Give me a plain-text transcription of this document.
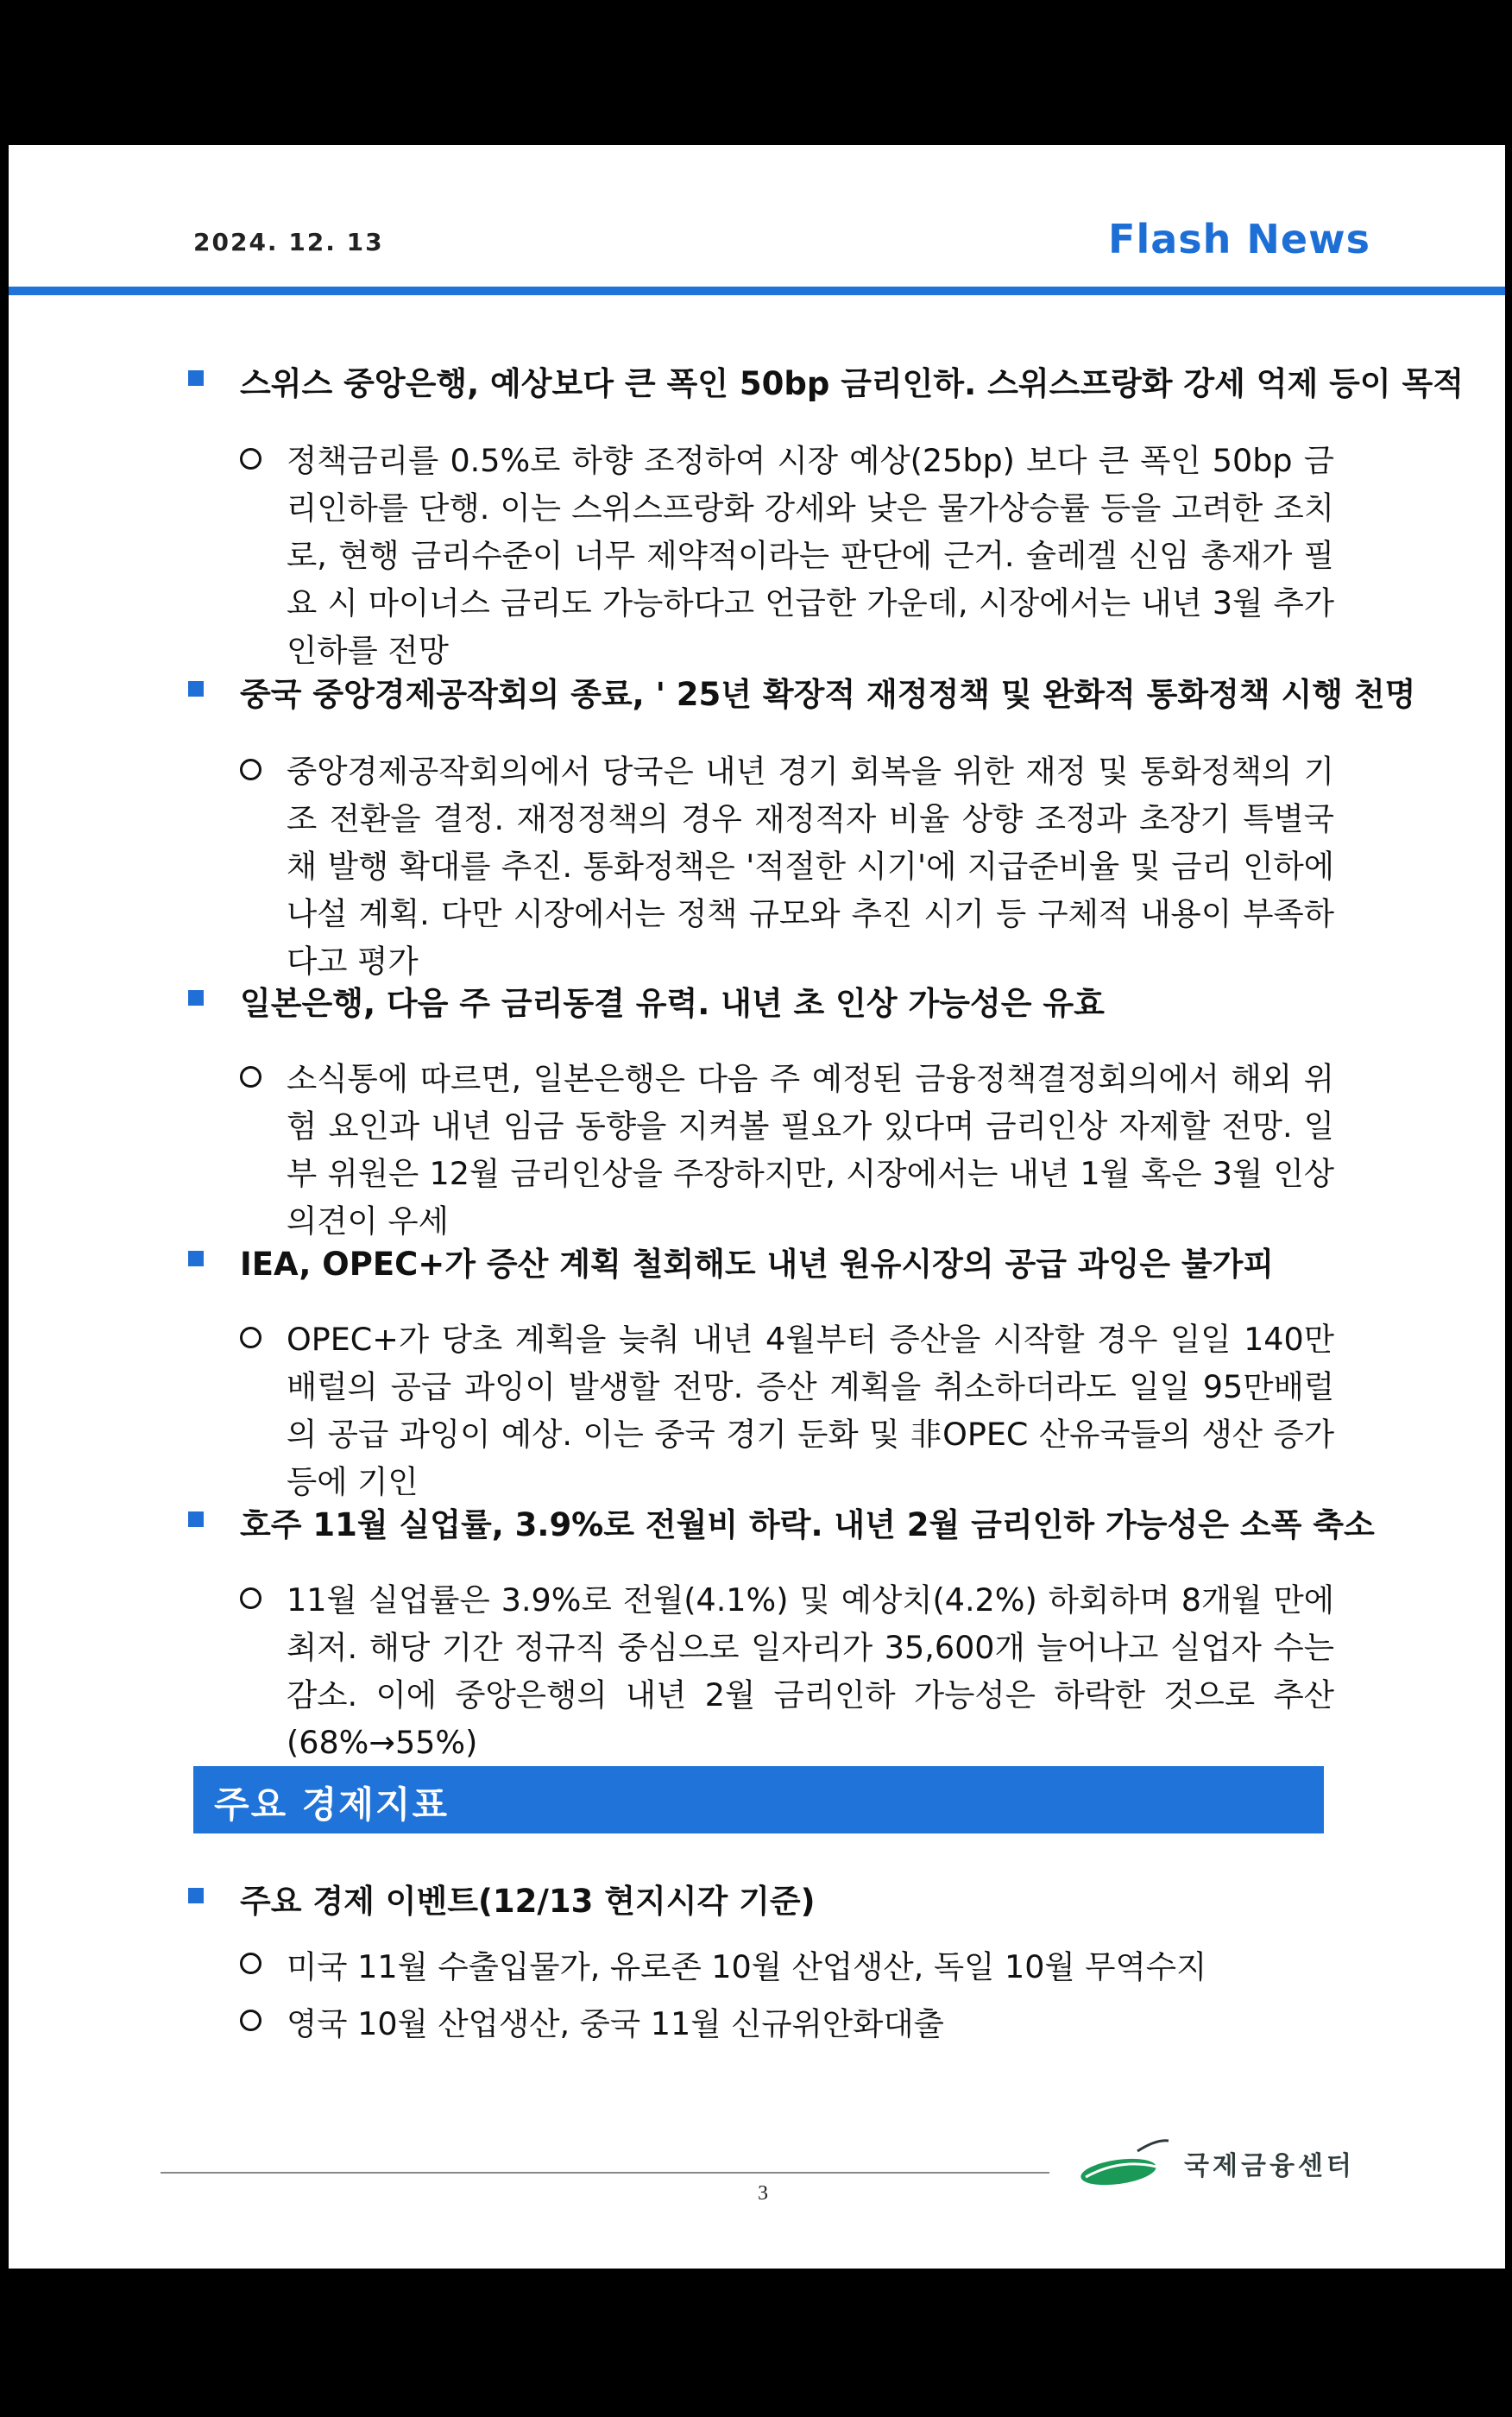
2024. 12. 13	Flash News
스위스 중앙은행, 예상보다 큰 폭인 50bp 금리인하. 스위스프랑화 강세 억제 등이 목적
정책금리를 0.5%로 하향 조정하여 시장 예상(25bp) 보다 큰 폭인 50bp 금리인하를 단행. 이는 스위스프랑화 강세와 낮은 물가상승률 등을 고려한 조치로, 현행 금리수준이 너무 제약적이라는 판단에 근거. 슐레겔 신임 총재가 필요 시 마이너스 금리도 가능하다고 언급한 가운데, 시장에서는 내년 3월 추가 인하를 전망
중국 중앙경제공작회의 종료, ' 25년 확장적 재정정책 및 완화적 통화정책 시행 천명
중앙경제공작회의에서 당국은 내년 경기 회복을 위한 재정 및 통화정책의 기조 전환을 결정. 재정정책의 경우 재정적자 비율 상향 조정과 초장기 특별국채 발행 확대를 추진. 통화정책은 '적절한 시기'에 지급준비율 및 금리 인하에 나설 계획. 다만 시장에서는 정책 규모와 추진 시기 등 구체적 내용이 부족하다고 평가
일본은행, 다음 주 금리동결 유력. 내년 초 인상 가능성은 유효
소식통에 따르면, 일본은행은 다음 주 예정된 금융정책결정회의에서 해외 위험 요인과 내년 임금 동향을 지켜볼 필요가 있다며 금리인상 자제할 전망. 일부 위원은 12월 금리인상을 주장하지만, 시장에서는 내년 1월 혹은 3월 인상 의견이 우세
IEA, OPEC+가 증산 계획 철회해도 내년 원유시장의 공급 과잉은 불가피
OPEC+가 당초 계획을 늦춰 내년 4월부터 증산을 시작할 경우 일일 140만배럴의 공급 과잉이 발생할 전망. 증산 계획을 취소하더라도 일일 95만배럴의 공급 과잉이 예상. 이는 중국 경기 둔화 및 非OPEC 산유국들의 생산 증가 등에 기인
호주 11월 실업률, 3.9%로 전월비 하락. 내년 2월 금리인하 가능성은 소폭 축소
11월 실업률은 3.9%로 전월(4.1%) 및 예상치(4.2%) 하회하며 8개월 만에 최저. 해당 기간 정규직 중심으로 일자리가 35,600개 늘어나고 실업자 수는 감소. 이에 중앙은행의 내년 2월 금리인하 가능성은 하락한 것으로 추산(68%→55%)
주요 경제지표
주요 경제 이벤트(12/13 현지시각 기준)
미국 11월 수출입물가, 유로존 10월 산업생산, 독일 10월 무역수지
영국 10월 산업생산, 중국 11월 신규위안화대출
3
국제금융센터
